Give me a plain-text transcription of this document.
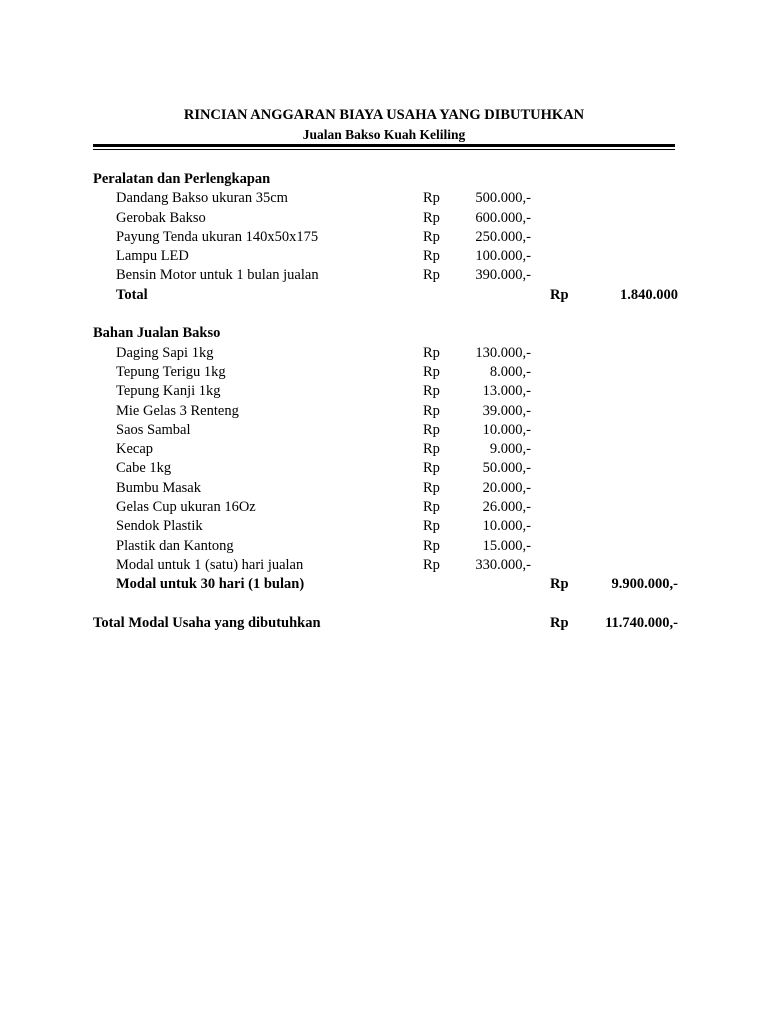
RINCIAN ANGGARAN BIAYA USAHA YANG DIBUTUHKAN
Jualan Bakso Kuah Keliling
Peralatan dan Perlengkapan
Dandang Bakso ukuran 35cm	Rp	500.000,-
Gerobak Bakso	Rp	600.000,-
Payung Tenda ukuran 140x50x175	Rp	250.000,-
Lampu LED	Rp	100.000,-
Bensin Motor untuk 1 bulan jualan	Rp	390.000,-
Total	Rp	1.840.000
Bahan Jualan Bakso
Daging Sapi 1kg	Rp	130.000,-
Tepung Terigu 1kg	Rp	8.000,-
Tepung Kanji 1kg	Rp	13.000,-
Mie Gelas 3 Renteng	Rp	39.000,-
Saos Sambal	Rp	10.000,-
Kecap	Rp	9.000,-
Cabe 1kg	Rp	50.000,-
Bumbu Masak	Rp	20.000,-
Gelas Cup ukuran 16Oz	Rp	26.000,-
Sendok Plastik	Rp	10.000,-
Plastik dan Kantong	Rp	15.000,-
Modal untuk 1 (satu) hari jualan	Rp	330.000,-
Modal untuk 30 hari (1 bulan)	Rp	9.900.000,-
Total Modal Usaha yang dibutuhkan	Rp	11.740.000,-
